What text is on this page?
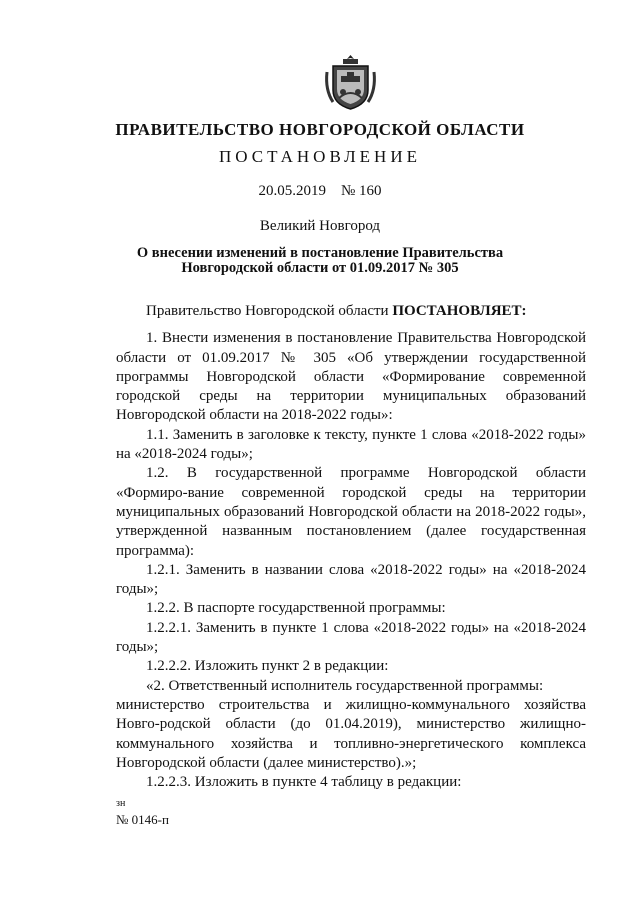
ПРАВИТЕЛЬСТВО НОВГОРОДСКОЙ ОБЛАСТИ
ПОСТАНОВЛЕНИЕ
20.05.2019 № 160
Великий Новгород
О внесении изменений в постановление Правительства
Новгородской области от 01.09.2017 № 305

Правительство Новгородской области ПОСТАНОВЛЯЕТ:

1. Внести изменения в постановление Правительства Новгородской области от 01.09.2017 № 305 «Об утверждении государственной программы Новгородской области «Формирование современной городской среды на территории муниципальных образований Новгородской области на 2018-2022 годы»:

1.1. Заменить в заголовке к тексту, пункте 1 слова «2018-2022 годы» на «2018-2024 годы»;

1.2. В государственной программе Новгородской области «Формиро-вание современной городской среды на территории муниципальных образований Новгородской области на 2018-2022 годы», утвержденной названным постановлением (далее государственная программа):

1.2.1. Заменить в названии слова «2018-2022 годы» на «2018-2024 годы»;

1.2.2. В паспорте государственной программы:

1.2.2.1. Заменить в пункте 1 слова «2018-2022 годы» на «2018-2024 годы»;

1.2.2.2. Изложить пункт 2 в редакции:

«2. Ответственный исполнитель государственной программы:

министерство строительства и жилищно-коммунального хозяйства Новго-родской области (до 01.04.2019), министерство жилищно-коммунального хозяйства и топливно-энергетического комплекса Новгородской области (далее министерство).»;

1.2.2.3. Изложить в пункте 4 таблицу в редакции:

зн
№ 0146-п
